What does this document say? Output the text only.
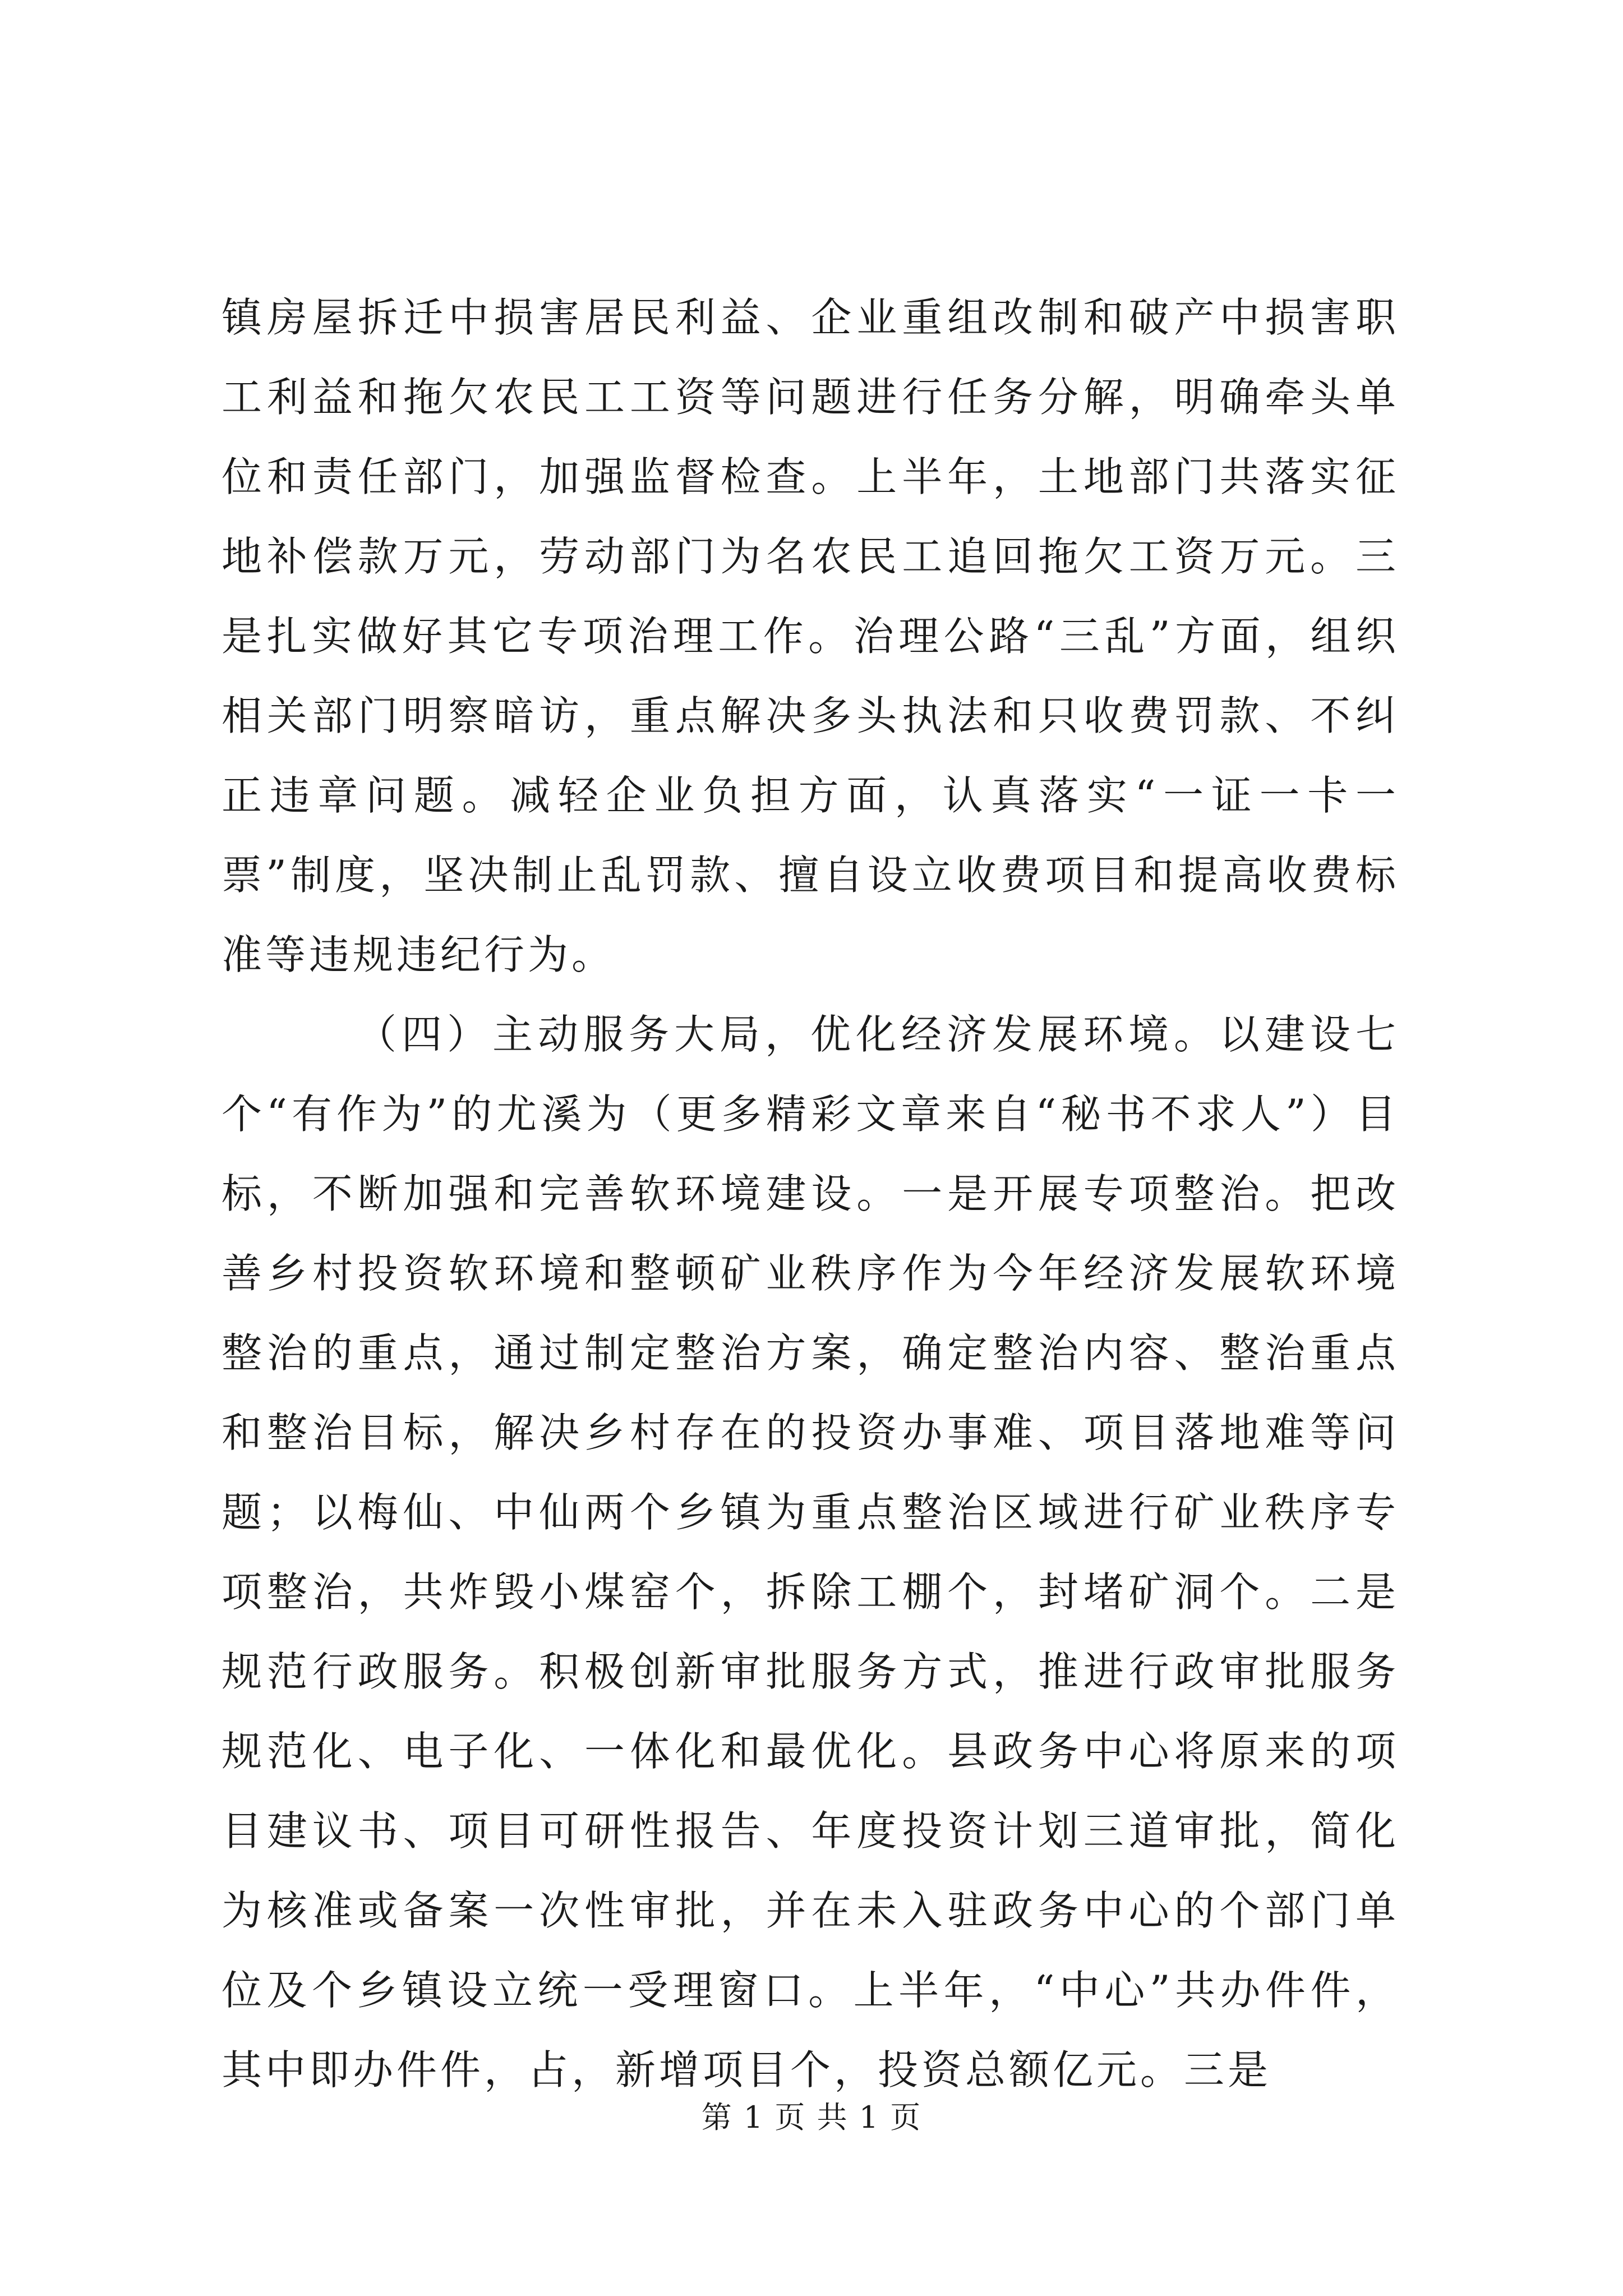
镇房屋拆迁中损害居民利益、企业重组改制和破产中损害职工利益和拖欠农民工工资等问题进行任务分解，明确牵头单位和责任部门，加强监督检查。上半年，土地部门共落实征地补偿款万元，劳动部门为名农民工追回拖欠工资万元。三是扎实做好其它专项治理工作。治理公路“三乱”方面，组织相关部门明察暗访，重点解决多头执法和只收费罚款、不纠正违章问题。减轻企业负担方面，认真落实“一证一卡一票”制度，坚决制止乱罚款、擅自设立收费项目和提高收费标准等违规违纪行为。

（四）主动服务大局，优化经济发展环境。以建设七个“有作为”的尤溪为（更多精彩文章来自“秘书不求人”）目标，不断加强和完善软环境建设。一是开展专项整治。把改善乡村投资软环境和整顿矿业秩序作为今年经济发展软环境整治的重点，通过制定整治方案，确定整治内容、整治重点和整治目标，解决乡村存在的投资办事难、项目落地难等问题；以梅仙、中仙两个乡镇为重点整治区域进行矿业秩序专项整治，共炸毁小煤窑个，拆除工棚个，封堵矿洞个。二是规范行政服务。积极创新审批服务方式，推进行政审批服务规范化、电子化、一体化和最优化。县政务中心将原来的项目建议书、项目可研性报告、年度投资计划三道审批，简化为核准或备案一次性审批，并在未入驻政务中心的个部门单位及个乡镇设立统一受理窗口。上半年，“中心”共办件件，其中即办件件，占，新增项目个，投资总额亿元。三是

第 1 页 共 1 页
